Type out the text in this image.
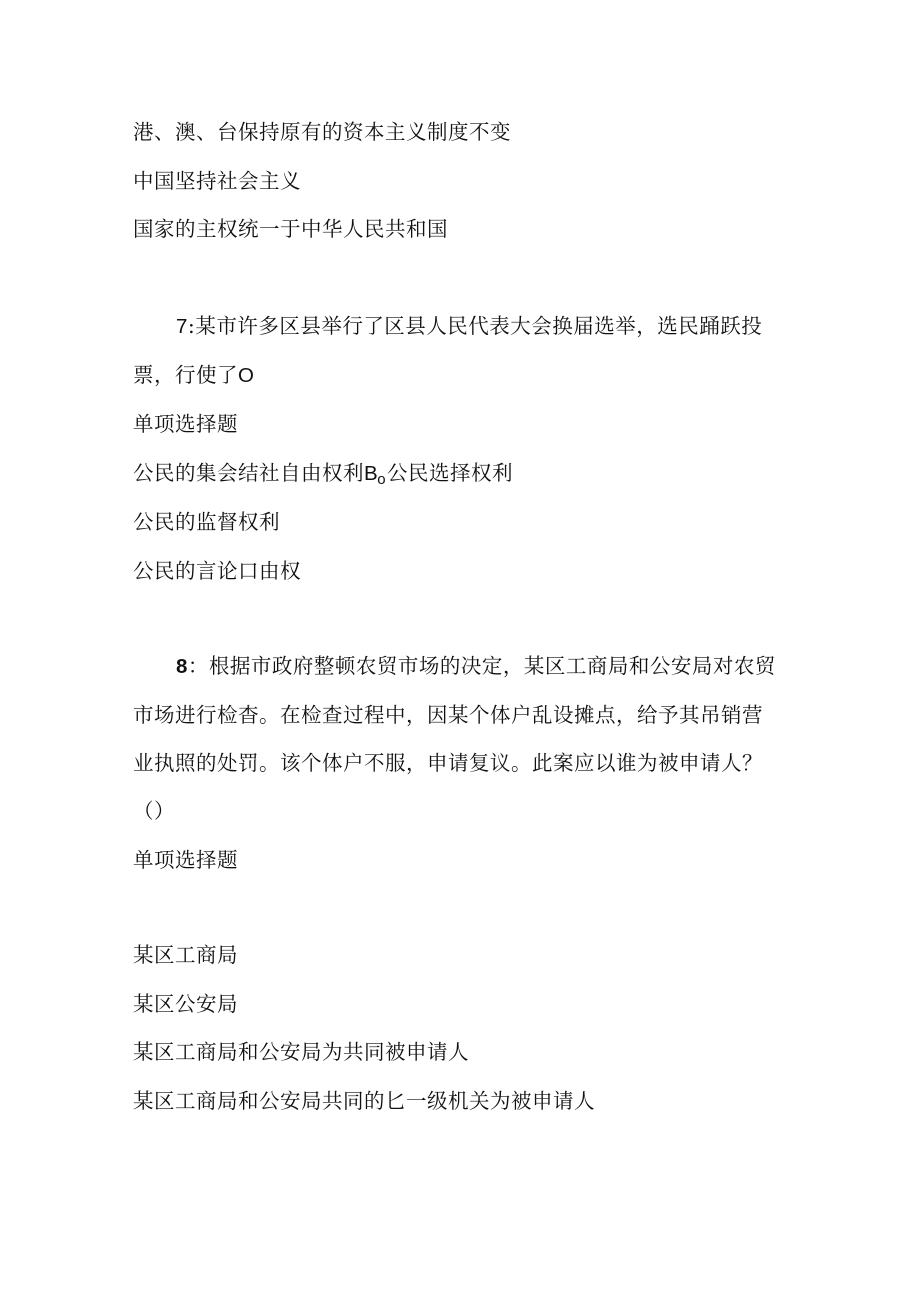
港、澳、台保持原有的资本主义制度不变
中国坚持社会主义
国家的主权统一于中华人民共和国
7:某市许多区县举行了区县人民代表大会换届选举，选民踊跃投
票，行使了O
单项选择题
公民的集会结社自由权利Bo公民选择权利
公民的监督权利
公民的言论口由权
8：根据市政府整顿农贸市场的决定，某区工商局和公安局对农贸
市场进行检杳。在检查过程中，因某个体户乱设摊点，给予其吊销营
业执照的处罚。该个体户不服，申请复议。此案应以谁为被申请人？
（）
单项选择题
某区工商局
某区公安局
某区工商局和公安局为共同被申请人
某区工商局和公安局共同的匕一级机关为被申请人
